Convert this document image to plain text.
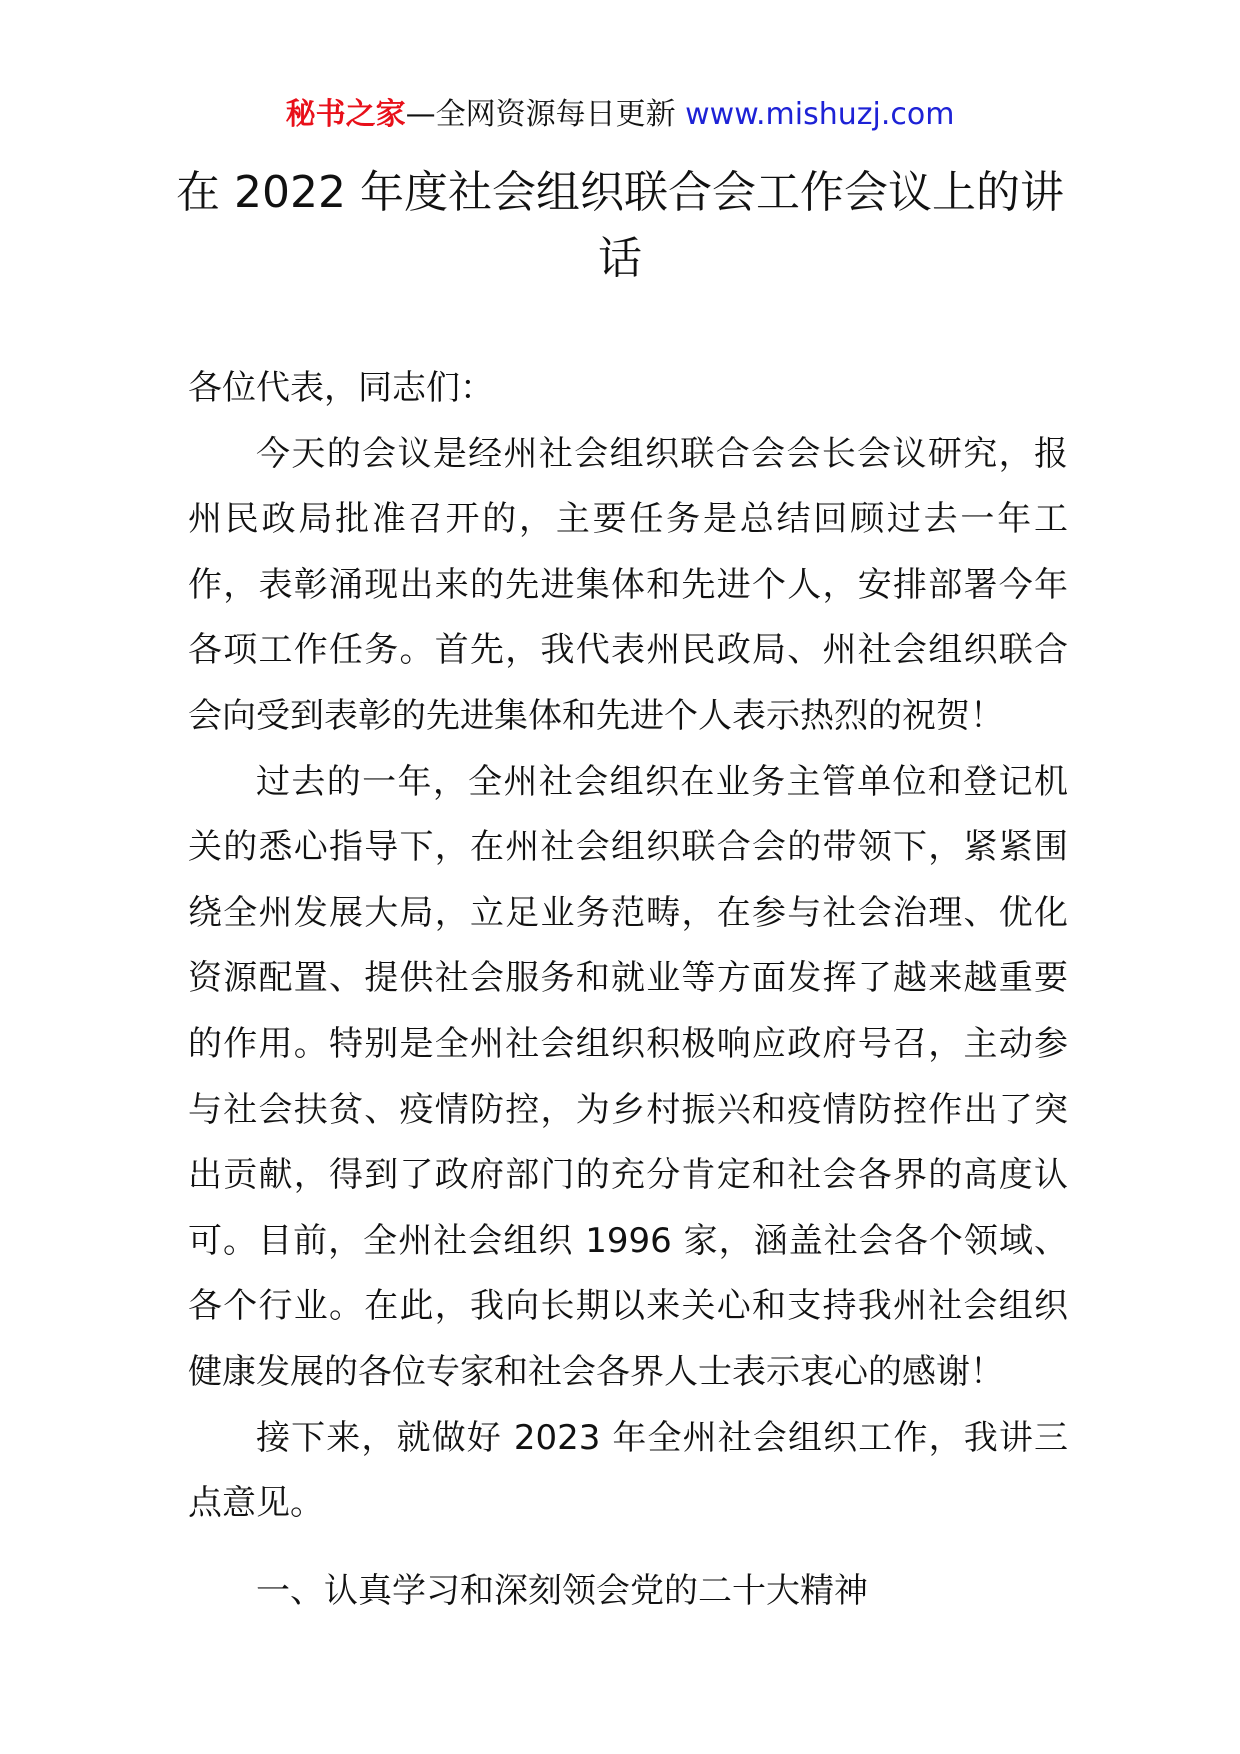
秘书之家—全网资源每日更新 www.mishuzj.com
在 2022 年度社会组织联合会工作会议上的讲话

各位代表，同志们：

今天的会议是经州社会组织联合会会长会议研究，报州民政局批准召开的，主要任务是总结回顾过去一年工作，表彰涌现出来的先进集体和先进个人，安排部署今年各项工作任务。首先，我代表州民政局、州社会组织联合会向受到表彰的先进集体和先进个人表示热烈的祝贺！

过去的一年，全州社会组织在业务主管单位和登记机关的悉心指导下，在州社会组织联合会的带领下，紧紧围绕全州发展大局，立足业务范畴，在参与社会治理、优化资源配置、提供社会服务和就业等方面发挥了越来越重要的作用。特别是全州社会组织积极响应政府号召，主动参与社会扶贫、疫情防控，为乡村振兴和疫情防控作出了突出贡献，得到了政府部门的充分肯定和社会各界的高度认可。目前，全州社会组织 1996 家，涵盖社会各个领域、各个行业。在此，我向长期以来关心和支持我州社会组织健康发展的各位专家和社会各界人士表示衷心的感谢！

接下来，就做好 2023 年全州社会组织工作，我讲三点意见。

一、认真学习和深刻领会党的二十大精神
